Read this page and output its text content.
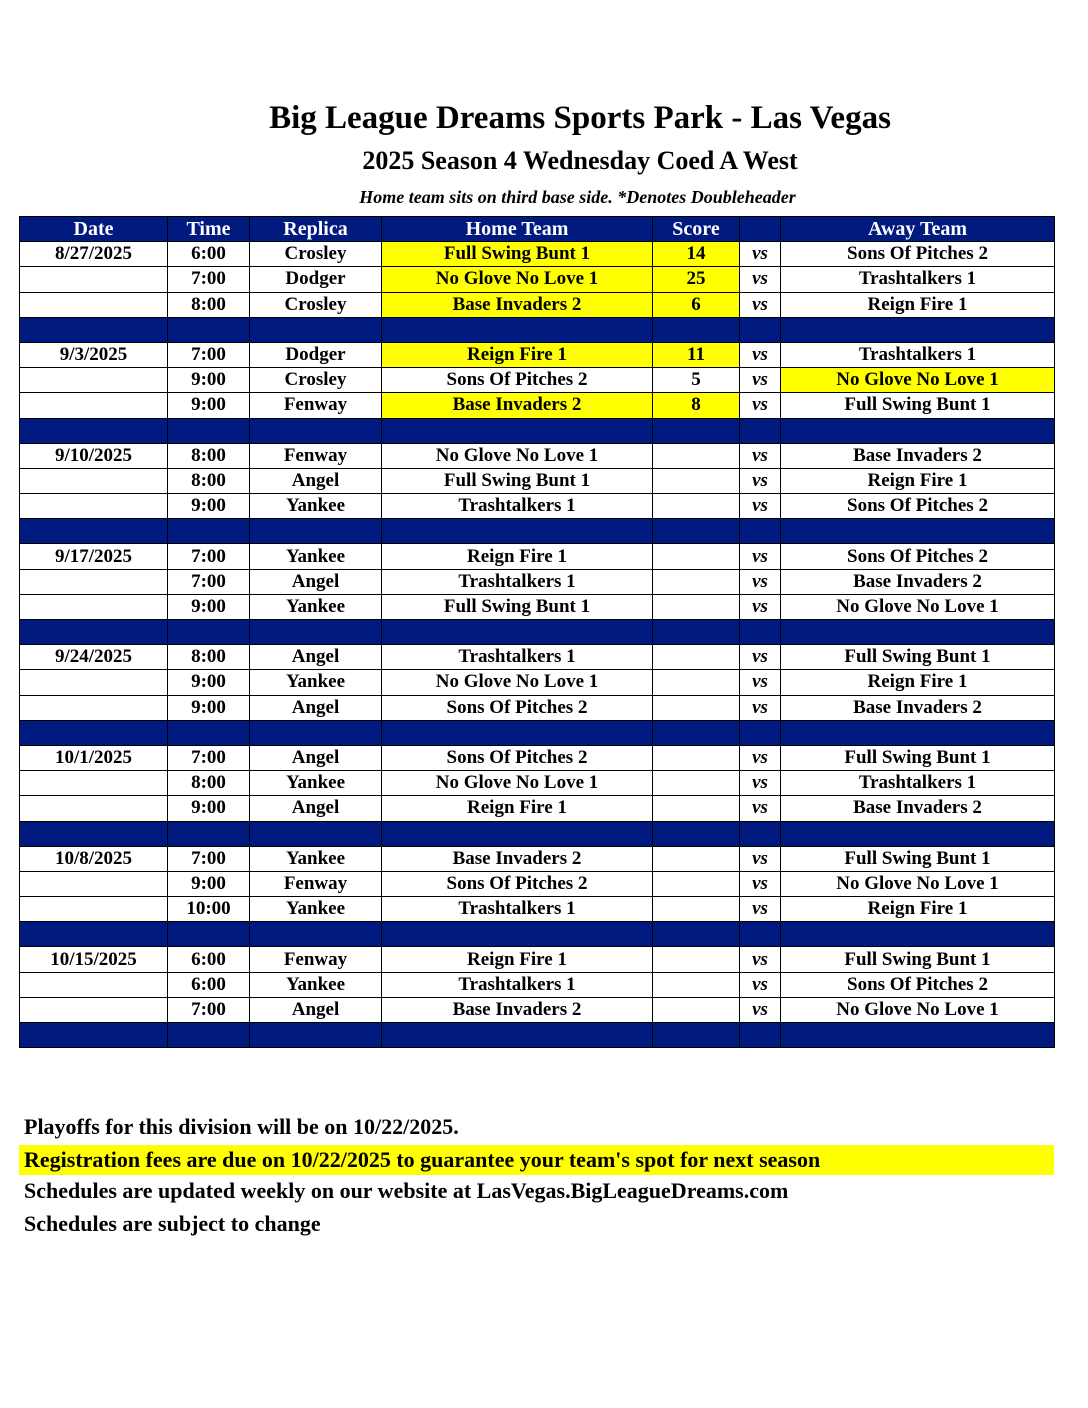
Big League Dreams Sports Park - Las Vegas
2025 Season 4 Wednesday Coed A West
Home team sits on third base side. *Denotes Doubleheader
Date	Time	Replica	Home Team	Score		Away Team
8/27/2025	6:00	Crosley	Full Swing Bunt 1	14	vs	Sons Of Pitches 2
	7:00	Dodger	No Glove No Love 1	25	vs	Trashtalkers 1
	8:00	Crosley	Base Invaders 2	6	vs	Reign Fire 1

9/3/2025	7:00	Dodger	Reign Fire 1	11	vs	Trashtalkers 1
	9:00	Crosley	Sons Of Pitches 2	5	vs	No Glove No Love 1
	9:00	Fenway	Base Invaders 2	8	vs	Full Swing Bunt 1

9/10/2025	8:00	Fenway	No Glove No Love 1		vs	Base Invaders 2
	8:00	Angel	Full Swing Bunt 1		vs	Reign Fire 1
	9:00	Yankee	Trashtalkers 1		vs	Sons Of Pitches 2

9/17/2025	7:00	Yankee	Reign Fire 1		vs	Sons Of Pitches 2
	7:00	Angel	Trashtalkers 1		vs	Base Invaders 2
	9:00	Yankee	Full Swing Bunt 1		vs	No Glove No Love 1

9/24/2025	8:00	Angel	Trashtalkers 1		vs	Full Swing Bunt 1
	9:00	Yankee	No Glove No Love 1		vs	Reign Fire 1
	9:00	Angel	Sons Of Pitches 2		vs	Base Invaders 2

10/1/2025	7:00	Angel	Sons Of Pitches 2		vs	Full Swing Bunt 1
	8:00	Yankee	No Glove No Love 1		vs	Trashtalkers 1
	9:00	Angel	Reign Fire 1		vs	Base Invaders 2

10/8/2025	7:00	Yankee	Base Invaders 2		vs	Full Swing Bunt 1
	9:00	Fenway	Sons Of Pitches 2		vs	No Glove No Love 1
	10:00	Yankee	Trashtalkers 1		vs	Reign Fire 1

10/15/2025	6:00	Fenway	Reign Fire 1		vs	Full Swing Bunt 1
	6:00	Yankee	Trashtalkers 1		vs	Sons Of Pitches 2
	7:00	Angel	Base Invaders 2		vs	No Glove No Love 1

Playoffs for this division will be on 10/22/2025.
Registration fees are due on 10/22/2025 to guarantee your team's spot for next season
Schedules are updated weekly on our website at LasVegas.BigLeagueDreams.com
Schedules are subject to change
